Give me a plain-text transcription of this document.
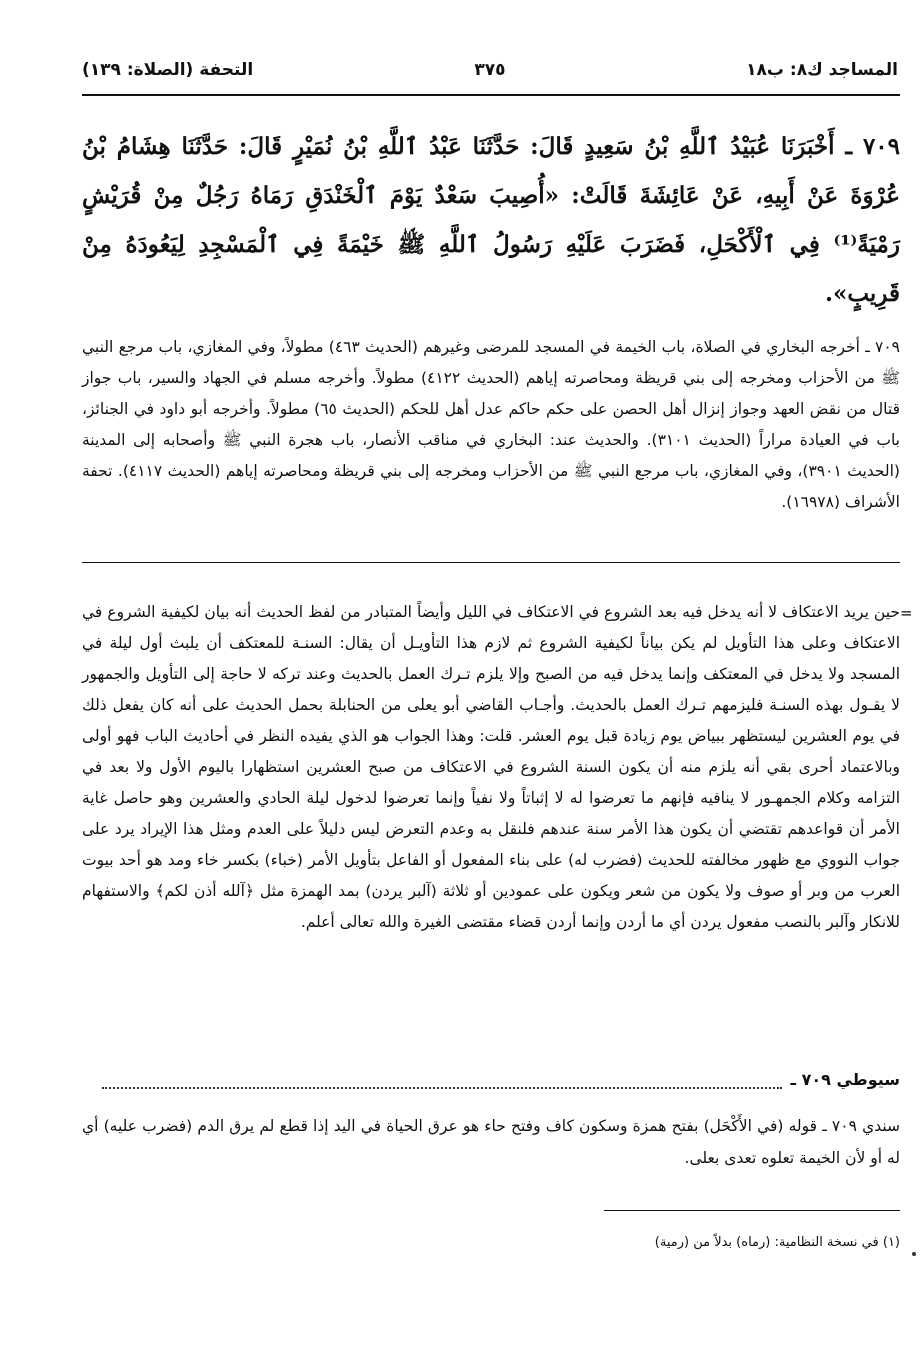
المساجد ك٨: ب١٨
٣٧٥
التحفة (الصلاة: ١٣٩)

٧٠٩ ـ أَخْبَرَنَا عُبَيْدُ ٱللَّهِ بْنُ سَعِيدٍ قَالَ: حَدَّثَنَا عَبْدُ ٱللَّهِ بْنُ نُمَيْرٍ قَالَ: حَدَّثَنَا هِشَامُ بْنُ عُرْوَةَ عَنْ أَبِيهِ، عَنْ عَائِشَةَ قَالَتْ: «أُصِيبَ سَعْدٌ يَوْمَ ٱلْخَنْدَقِ رَمَاهُ رَجُلٌ مِنْ قُرَيْشٍ رَمْيَةً⁽¹⁾ فِي ٱلْأَكْحَلِ، فَضَرَبَ عَلَيْهِ رَسُولُ ٱللَّهِ ﷺ خَيْمَةً فِي ٱلْمَسْجِدِ لِيَعُودَهُ مِنْ قَرِيبٍ».

٧٠٩ ـ أخرجه البخاري في الصلاة، باب الخيمة في المسجد للمرضى وغيرهم (الحديث ٤٦٣) مطولاً، وفي المغازي، باب مرجع النبي ﷺ من الأحزاب ومخرجه إلى بني قريظة ومحاصرته إياهم (الحديث ٤١٢٢) مطولاً. وأخرجه مسلم في الجهاد والسير، باب جواز قتال من نقض العهد وجواز إنزال أهل الحصن على حكم حاكم عدل أهل للحكم (الحديث ٦٥) مطولاً. وأخرجه أبو داود في الجنائز، باب في العيادة مراراً (الحديث ٣١٠١). والحديث عند: البخاري في مناقب الأنصار، باب هجرة النبي ﷺ وأصحابه إلى المدينة (الحديث ٣٩٠١)، وفي المغازي، باب مرجع النبي ﷺ من الأحزاب ومخرجه إلى بني قريظة ومحاصرته إياهم (الحديث ٤١١٧). تحفة الأشراف (١٦٩٧٨).

=

حين يريد الاعتكاف لا أنه يدخل فيه بعد الشروع في الاعتكاف في الليل وأيضاً المتبادر من لفظ الحديث أنه بيان لكيفية الشروع في الاعتكاف وعلى هذا التأويل لم يكن بياناً لكيفية الشروع ثم لازم هذا التأويـل أن يقال: السنـة للمعتكف أن يلبث أول ليلة في المسجد ولا يدخل في المعتكف وإنما يدخل فيه من الصبح وإلا يلزم تـرك العمل بالحديث وعند تركه لا حاجة إلى التأويل والجمهور لا يقـول بهذه السنـة فليزمهم تـرك العمل بالحديث. وأجـاب القاضي أبو يعلى من الحنابلة بحمل الحديث على أنه كان يفعل ذلك في يوم العشرين ليستظهر ببياض يوم زيادة قبل يوم العشر. قلت: وهذا الجواب هو الذي يفيده النظر في أحاديث الباب فهو أولى وبالاعتماد أحرى بقي أنه يلزم منه أن يكون السنة الشروع في الاعتكاف من صبح العشرين استظهارا باليوم الأول ولا بعد في التزامه وكلام الجمهـور لا ينافيه فإنهم ما تعرضوا له لا إثباتاً ولا نفياً وإنما تعرضوا لدخول ليلة الحادي والعشرين وهو حاصل غاية الأمر أن قواعدهم تقتضي أن يكون هذا الأمر سنة عندهم فلنقل به وعدم التعرض ليس دليلاً على العدم ومثل هذا الإيراد يرد على جواب النووي مع ظهور مخالفته للحديث (فضرب له) على بناء المفعول أو الفاعل بتأويل الأمر (خباء) بكسر خاء ومد هو أحد بيوت العرب من وبر أو صوف ولا يكون من شعر ويكون على عمودين أو ثلاثة (آلبر يردن) بمد الهمزة مثل ﴿آلله أذن لكم﴾ والاستفهام للانكار وآلبر بالنصب مفعول يردن أي ما أردن وإنما أردن قضاء مقتضى الغيرة والله تعالى أعلم.

سيوطي ٧٠٩ ـ

سندي ٧٠٩ ـ قوله (في الأَكْحَل) بفتح همزة وسكون كاف وفتح حاء هو عرق الحياة في اليد إذا قطع لم يرق الدم (فضرب عليه) أي له أو لأن الخيمة تعلوه تعدى بعلى.

(١) في نسخة النظامية: (رماه) بدلاً من (رمية)
